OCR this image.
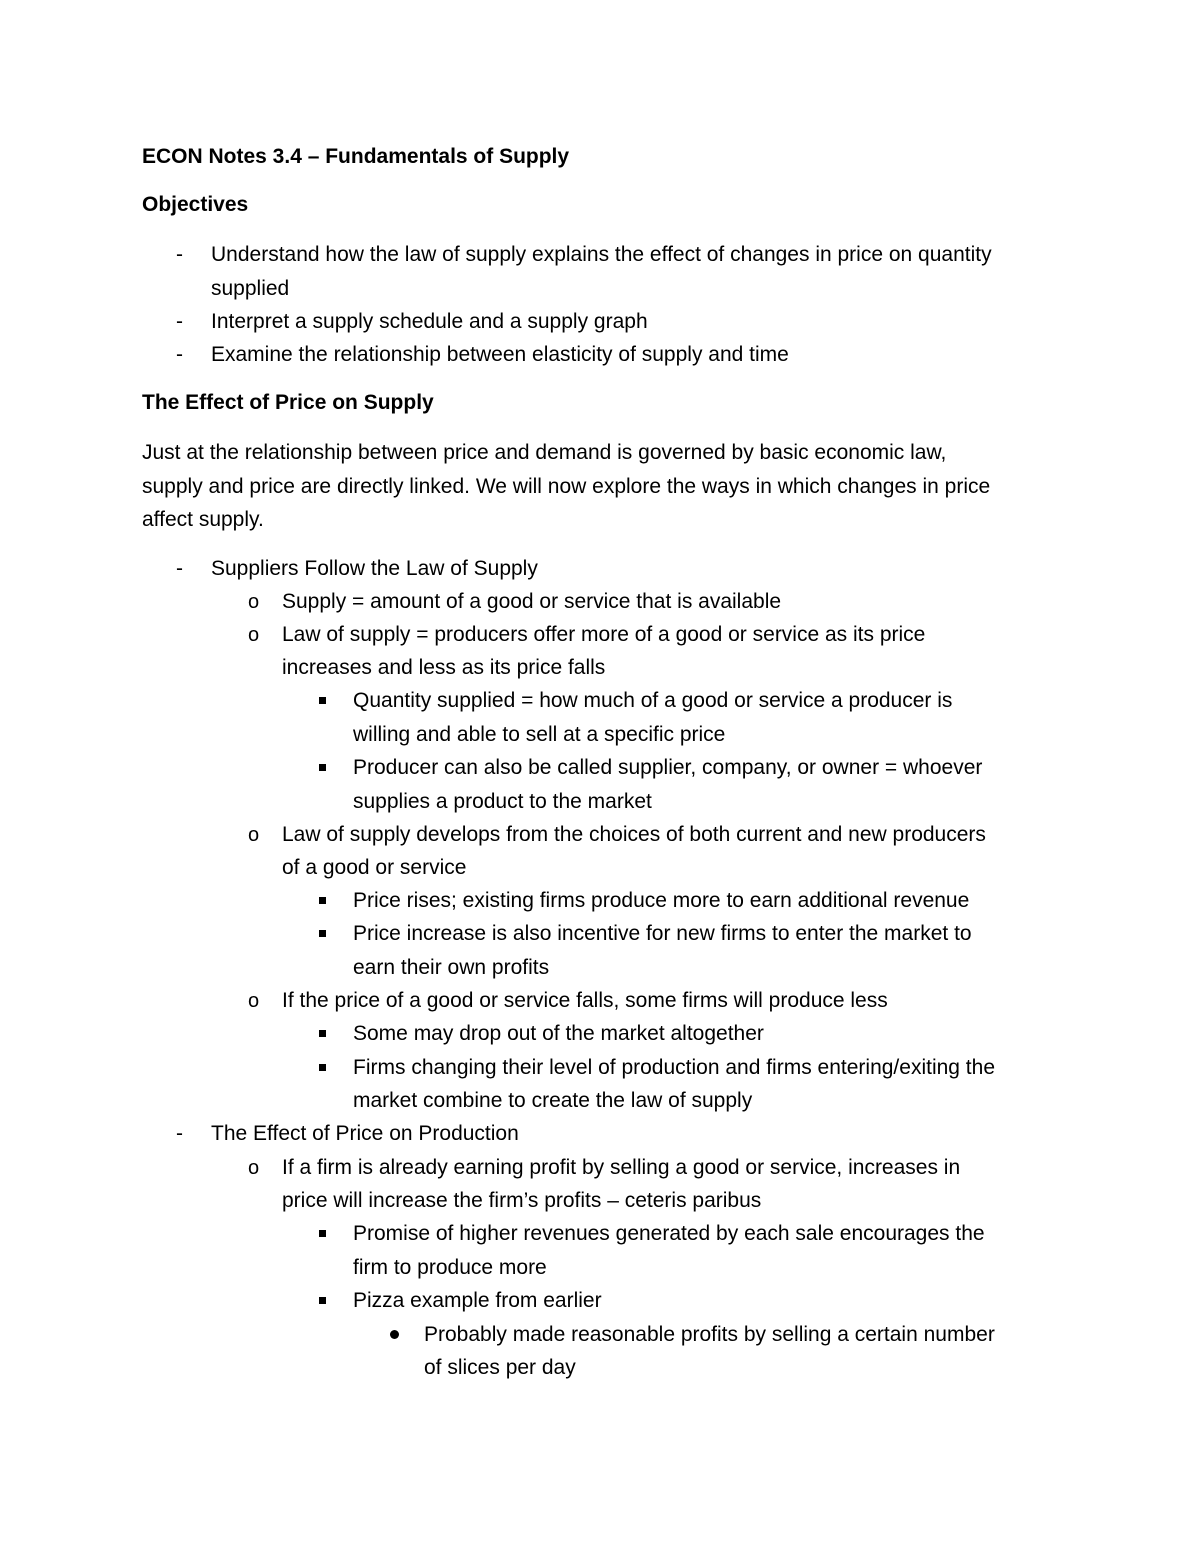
ECON Notes 3.4 – Fundamentals of Supply
Objectives
- Understand how the law of supply explains the effect of changes in price on quantity
supplied
- Interpret a supply schedule and a supply graph
- Examine the relationship between elasticity of supply and time
The Effect of Price on Supply
Just at the relationship between price and demand is governed by basic economic law,
supply and price are directly linked. We will now explore the ways in which changes in price
affect supply.
- Suppliers Follow the Law of Supply
o Supply = amount of a good or service that is available
o Law of supply = producers offer more of a good or service as its price
increases and less as its price falls
Quantity supplied = how much of a good or service a producer is
willing and able to sell at a specific price
Producer can also be called supplier, company, or owner = whoever
supplies a product to the market
o Law of supply develops from the choices of both current and new producers
of a good or service
Price rises; existing firms produce more to earn additional revenue
Price increase is also incentive for new firms to enter the market to
earn their own profits
o If the price of a good or service falls, some firms will produce less
Some may drop out of the market altogether
Firms changing their level of production and firms entering/exiting the
market combine to create the law of supply
- The Effect of Price on Production
o If a firm is already earning profit by selling a good or service, increases in
price will increase the firm’s profits – ceteris paribus
Promise of higher revenues generated by each sale encourages the
firm to produce more
Pizza example from earlier
Probably made reasonable profits by selling a certain number
of slices per day
